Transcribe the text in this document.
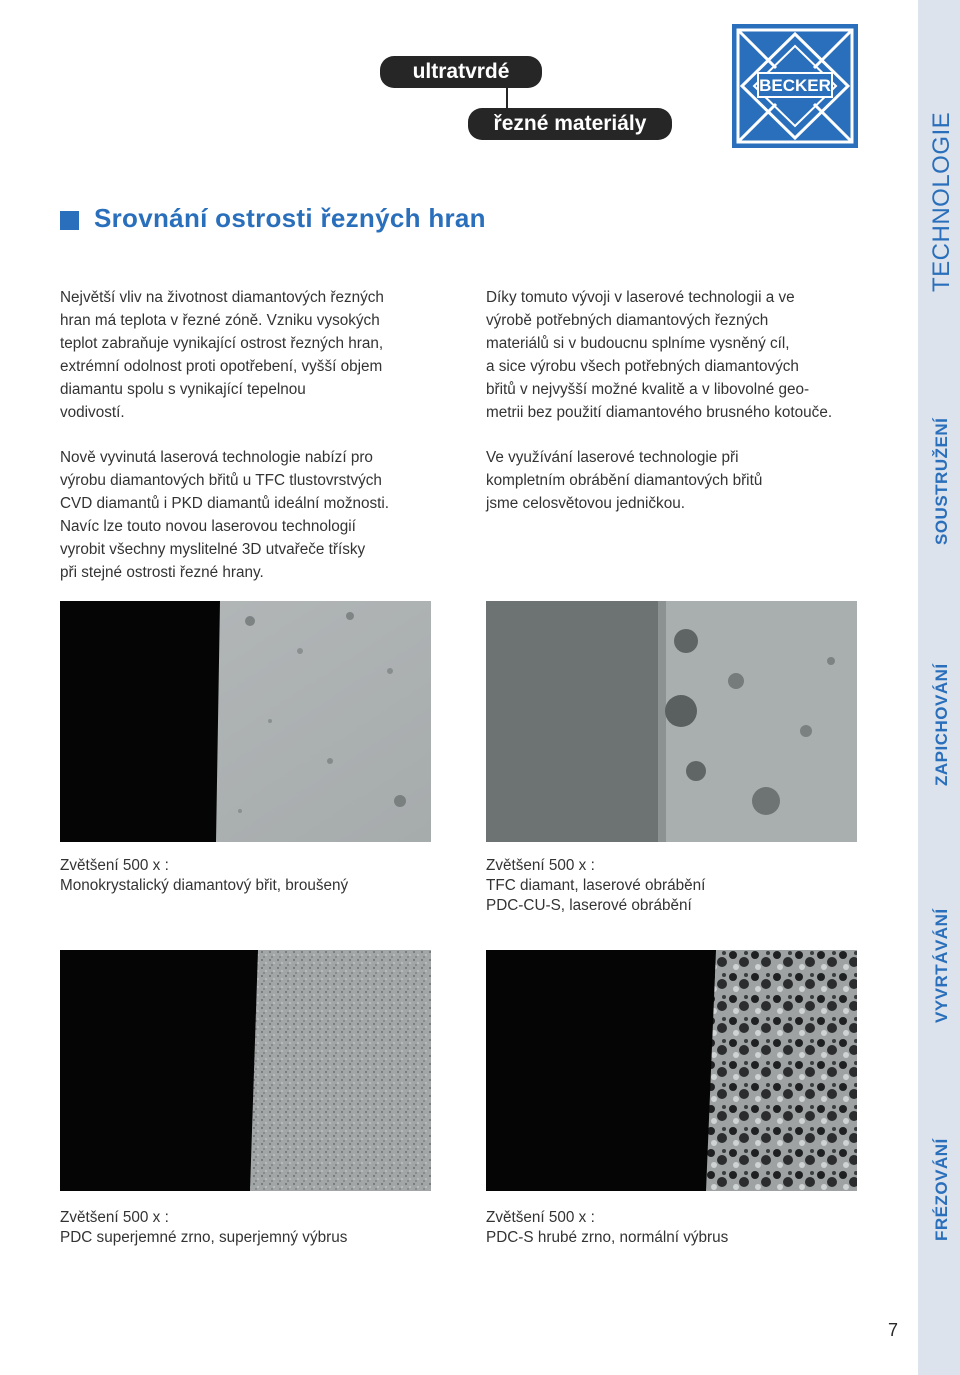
ultratvrdé
řezné materiály
BECKER
Srovnání ostrosti řezných hran

Největší vliv na životnost diamantových řezných
hran má teplota v řezné zóně. Vzniku vysokých
teplot zabraňuje vynikající ostrost řezných hran,
extrémní odolnost proti opotřebení, vyšší objem
diamantu spolu s vynikající tepelnou
vodivostí.

Nově vyvinutá laserová technologie nabízí pro
výrobu diamantových břitů u TFC tlustovrstvých
CVD diamantů i PKD diamantů ideální možnosti.
Navíc lze touto novou laserovou technologií
vyrobit všechny myslitelné 3D utvařeče třísky
při stejné ostrosti řezné hrany.

Díky tomuto vývoji v laserové technologii a ve
výrobě potřebných diamantových řezných
materiálů si v budoucnu splníme vysněný cíl,
a sice výrobu všech potřebných diamantových
břitů v nejvyšší možné kvalitě a v libovolné geo-
metrii bez použití diamantového brusného kotouče.

Ve využívání laserové technologie při
kompletním obrábění diamantových břitů
jsme celosvětovou jedničkou.

Zvětšení 500 x :
Monokrystalický diamantový břit, broušený
Zvětšení 500 x :
TFC diamant, laserové obrábění
PDC-CU-S, laserové obrábění
Zvětšení 500 x :
PDC superjemné zrno, superjemný výbrus
Zvětšení 500 x :
PDC-S hrubé zrno, normální výbrus
TECHNOLOGIE
SOUSTRUŽENÍ
ZAPICHOVÁNÍ
VYVRTÁVÁNÍ
FRÉZOVÁNÍ
7
